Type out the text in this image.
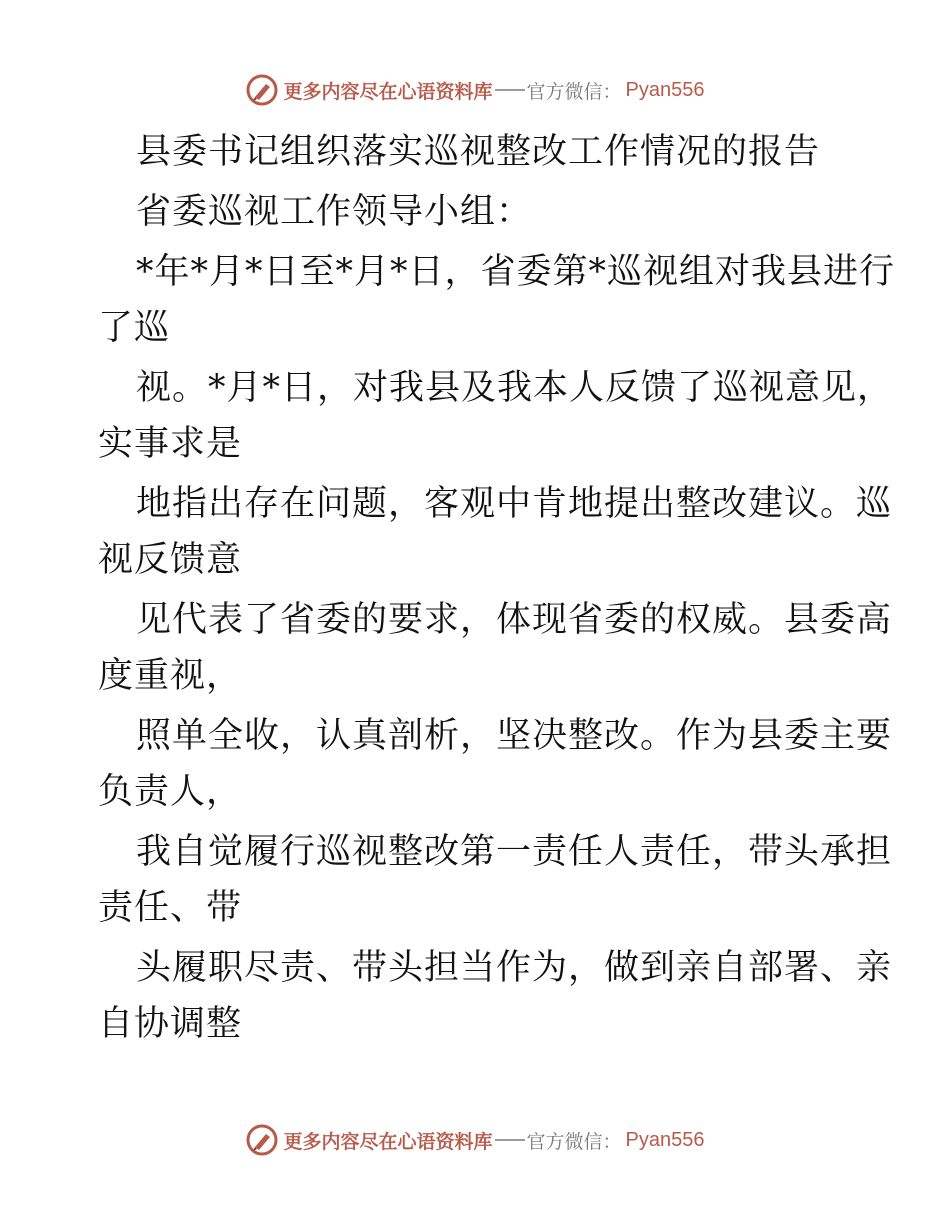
更多内容尽在心语资料库 官方微信： Pyan556
县委书记组织落实巡视整改工作情况的报告
省委巡视工作领导小组：
*年*月*日至*月*日，省委第*巡视组对我县进行
了巡
视。*月*日，对我县及我本人反馈了巡视意见，
实事求是
地指出存在问题，客观中肯地提出整改建议。巡
视反馈意
见代表了省委的要求，体现省委的权威。县委高
度重视，
照单全收，认真剖析，坚决整改。作为县委主要
负责人，
我自觉履行巡视整改第一责任人责任，带头承担
责任、带
头履职尽责、带头担当作为，做到亲自部署、亲
自协调整
更多内容尽在心语资料库 官方微信： Pyan556
